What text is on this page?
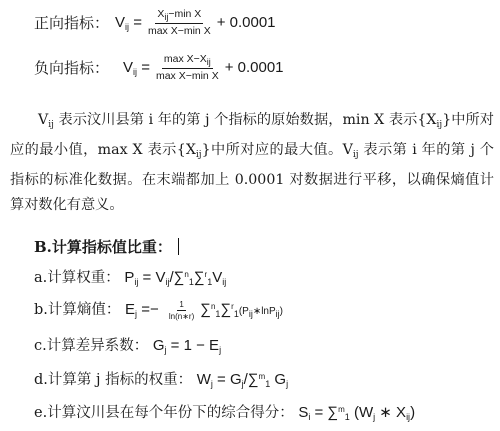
正向指标： $V_{ij} = \frac{X_{ij}-\min X}{\text{max X−min X}} + 0.0001$
负向指标： $V_{ij} = \frac{\max X-X_{ij}}{\text{max X−min X}} + 0.0001$
$V_{ij}$ 表示汶川县第 i 年的第 j 个指标的原始数据，min X 表示$\{X_{ij}\}$中所对应的最小值，max X 表示$\{X_{ij}\}$中所对应的最大值。$V_{ij}$ 表示第 i 年的第 j 个指标的标准化数据。在末端都加上 0.0001 对数据进行平移，以确保熵值计算对数化有意义。
B.计算指标值比重：
a.计算权重： $P_{ij} = V_{ij}/\sum^n_1\sum^r_1V_{ij}$
b.计算熵值： $E_j =- \frac{1}{\ln(n∗r)}$ $\sum^n_1\sum^r_1(P_{ij}∗\ln P_{ij})$
c.计算差异系数： $G_j = 1 - E_j$
d.计算第 j 指标的权重： $W_j = G_j/\sum^m_1$ $G_j$
e.计算汶川县在每个年份下的综合得分： $S_i = \sum^m_1$ ($W_j$ ∗ $X_{ij}$)
